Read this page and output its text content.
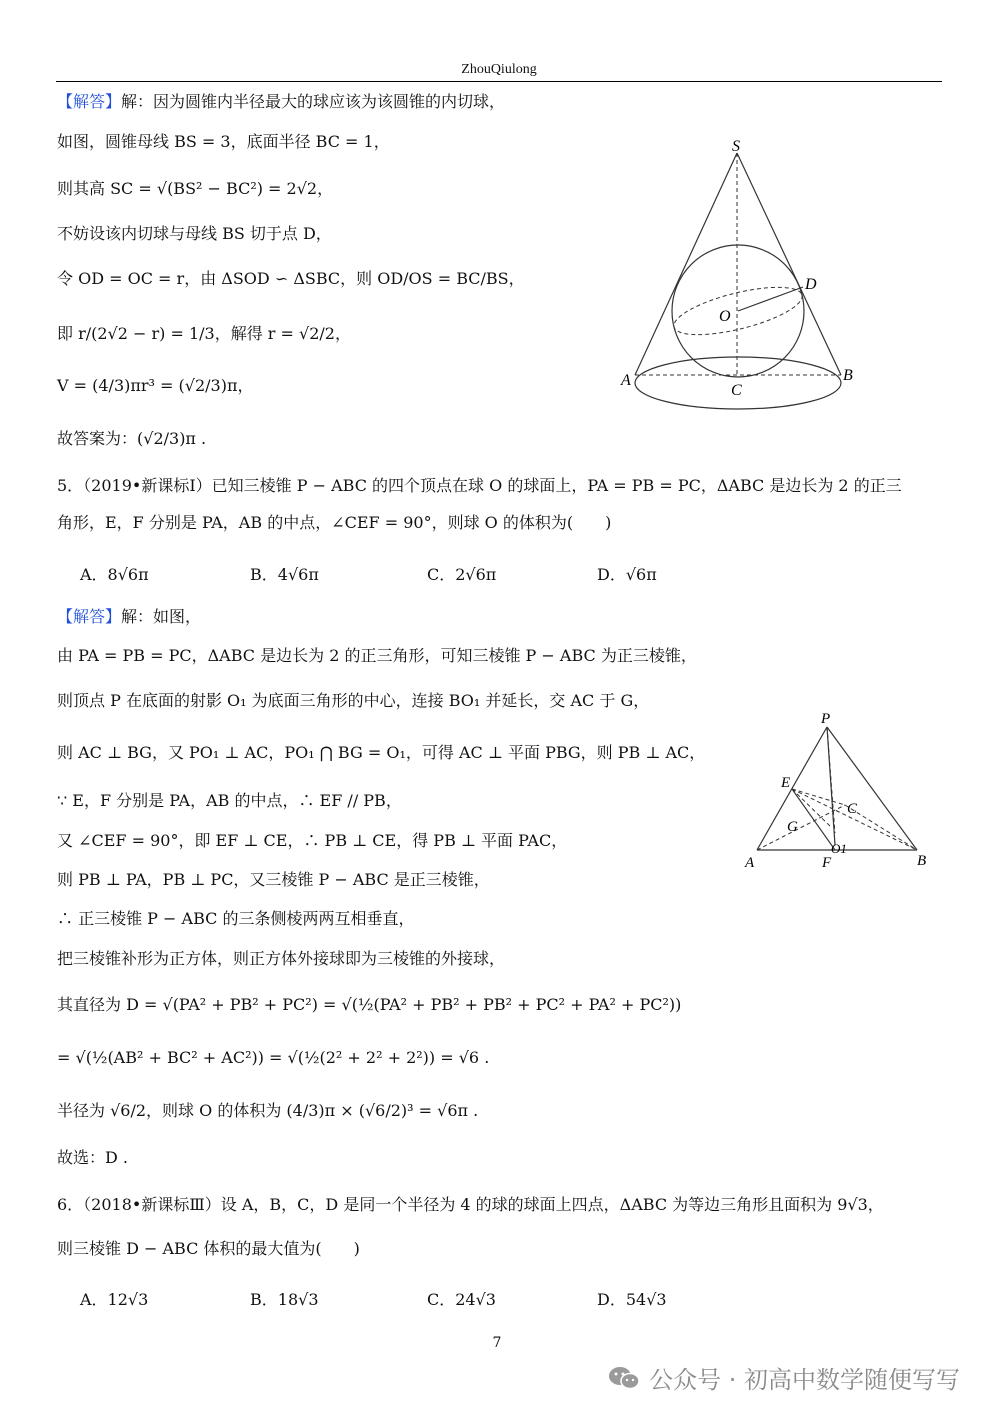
ZhouQiulong
【解答】解：因为圆锥内半径最大的球应该为该圆锥的内切球，
如图，圆锥母线 BS = 3，底面半径 BC = 1，
则其高 SC = √(BS² − BC²) = 2√2，
不妨设该内切球与母线 BS 切于点 D，
令 OD = OC = r，由 ΔSOD ∽ ΔSBC，则 OD/OS = BC/BS，
即 r/(2√2 − r) = 1/3，解得 r = √2/2，
V = (4/3)πr³ = (√2/3)π，
故答案为：(√2/3)π .
S
D
O
A
C
B
5．（2019•新课标Ⅰ）已知三棱锥 P − ABC 的四个顶点在球 O 的球面上，PA = PB = PC，ΔABC 是边长为 2 的正三
角形，E，F 分别是 PA，AB 的中点，∠CEF = 90°，则球 O 的体积为(　　)
A．8√6π	B．4√6π	C．2√6π	D．√6π
【解答】解：如图，
由 PA = PB = PC，ΔABC 是边长为 2 的正三角形，可知三棱锥 P − ABC 为正三棱锥，
则顶点 P 在底面的射影 O₁ 为底面三角形的中心，连接 BO₁ 并延长，交 AC 于 G，
则 AC ⊥ BG，又 PO₁ ⊥ AC，PO₁ ⋂ BG = O₁，可得 AC ⊥ 平面 PBG，则 PB ⊥ AC，
∵ E，F 分别是 PA，AB 的中点，∴ EF // PB，
又 ∠CEF = 90°，即 EF ⊥ CE，∴ PB ⊥ CE，得 PB ⊥ 平面 PAC，
则 PB ⊥ PA，PB ⊥ PC，又三棱锥 P − ABC 是正三棱锥，
∴ 正三棱锥 P − ABC 的三条侧棱两两互相垂直，
把三棱锥补形为正方体，则正方体外接球即为三棱锥的外接球，
其直径为 D = √(PA² + PB² + PC²) = √(½(PA² + PB² + PB² + PC² + PA² + PC²))
= √(½(AB² + BC² + AC²)) = √(½(2² + 2² + 2²)) = √6 .
半径为 √6/2，则球 O 的体积为 (4/3)π × (√6/2)³ = √6π .
故选：D .
P
E
C
G
O1
A	F	B
6．（2018•新课标Ⅲ）设 A，B，C，D 是同一个半径为 4 的球的球面上四点，ΔABC 为等边三角形且面积为 9√3，
则三棱锥 D − ABC 体积的最大值为(　　)
A．12√3	B．18√3	C．24√3	D．54√3
7
公众号 · 初高中数学随便写写
